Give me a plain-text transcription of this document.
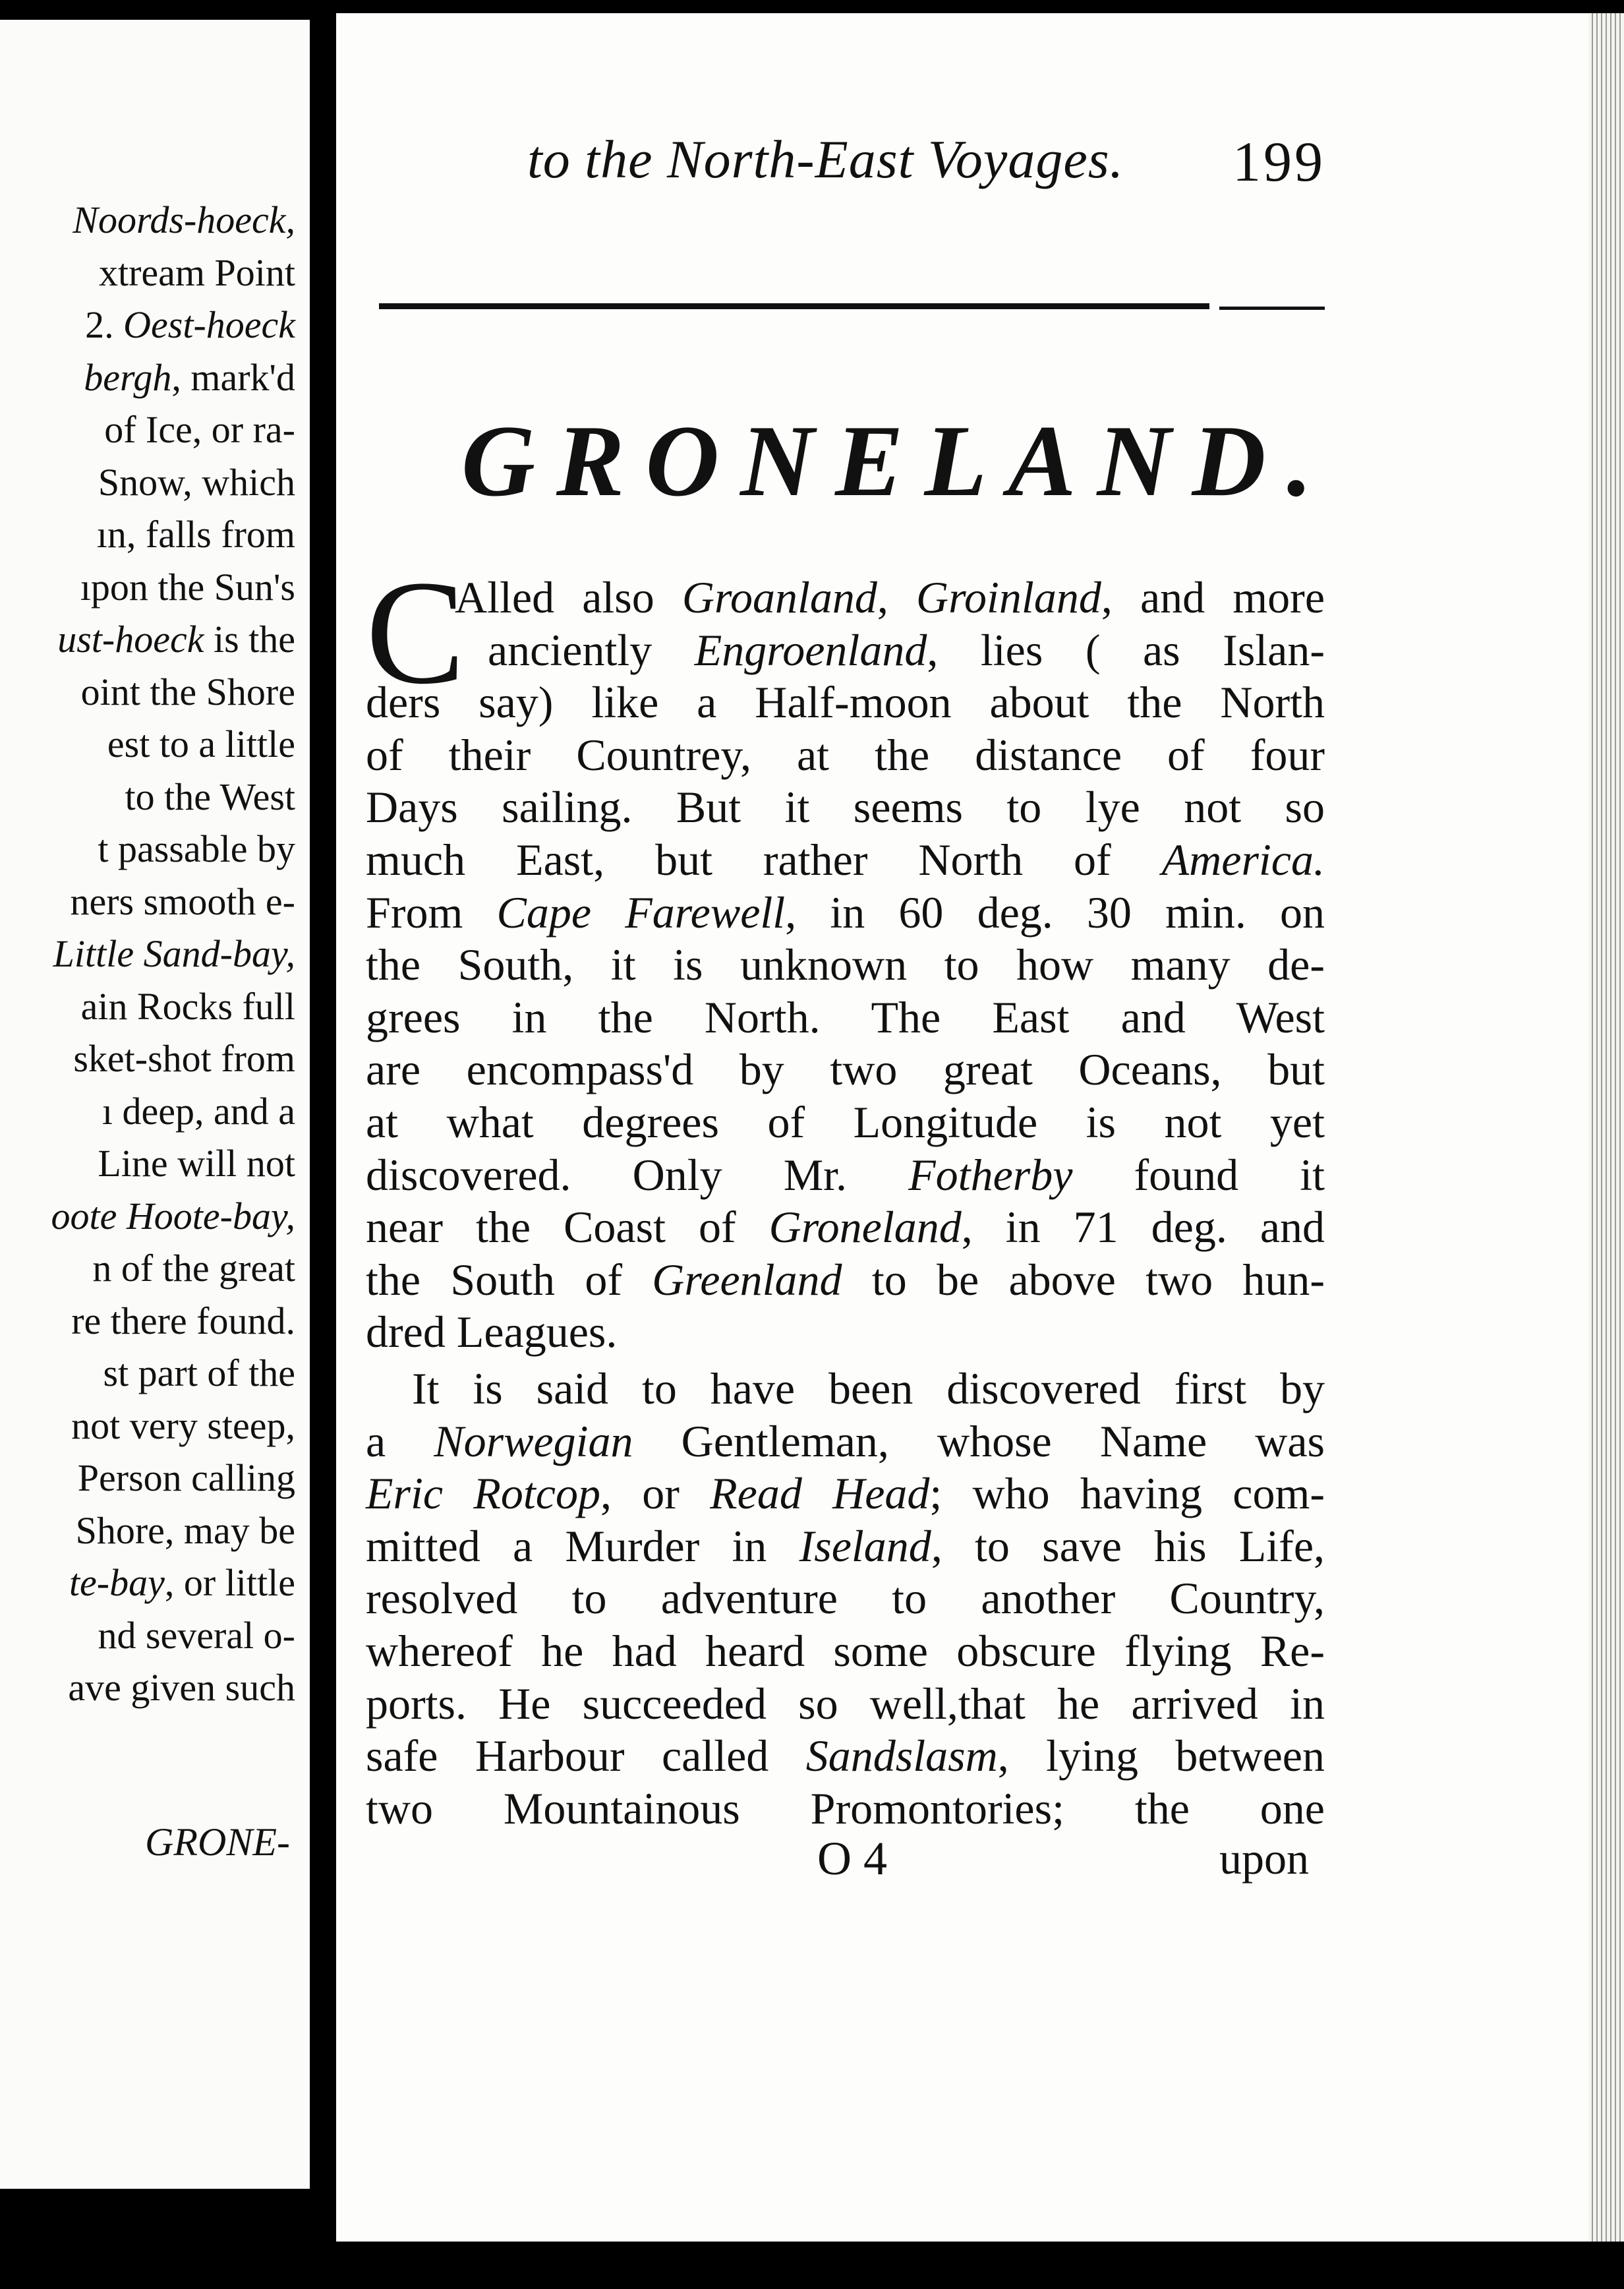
Noords-hoeck,

xtream Point

2. Oest-hoeck

bergh, mark'd

of Ice, or ra-

Snow, which

ın, falls from

ıpon the Sun's

ust-hoeck is the

oint the Shore

est to a little

to the West

t passable by

ners smooth e-

Little Sand-bay,

ain Rocks full

sket-shot from

ı deep, and a

Line will not

oote Hoote-bay,

n of the great

re there found.

st part of the

not very steep,

Person calling

Shore, may be

te-bay, or little

nd several o-

ave given such

GRONE-

to the North-East Voyages. 199

GRONELAND.

C

Alled also Groanland, Groinland, and more

anciently Engroenland, lies ( as Islan-

ders say) like a Half-moon about the North

of their Countrey, at the distance of four

Days sailing. But it seems to lye not so

much East, but rather North of America.

From Cape Farewell, in 60 deg. 30 min. on

the South, it is unknown to how many de-

grees in the North. The East and West

are encompass'd by two great Oceans, but

at what degrees of Longitude is not yet

discovered. Only Mr. Fotherby found it

near the Coast of Groneland, in 71 deg. and

the South of Greenland to be above two hun-

dred Leagues.

It is said to have been discovered first by

a Norwegian Gentleman, whose Name was

Eric Rotcop, or Read Head; who having com-

mitted a Murder in Iseland, to save his Life,

resolved to adventure to another Country,

whereof he had heard some obscure flying Re-

ports. He succeeded so well,that he arrived in

safe Harbour called Sandslasm, lying between

two Mountainous Promontories; the one

O 4	upon
